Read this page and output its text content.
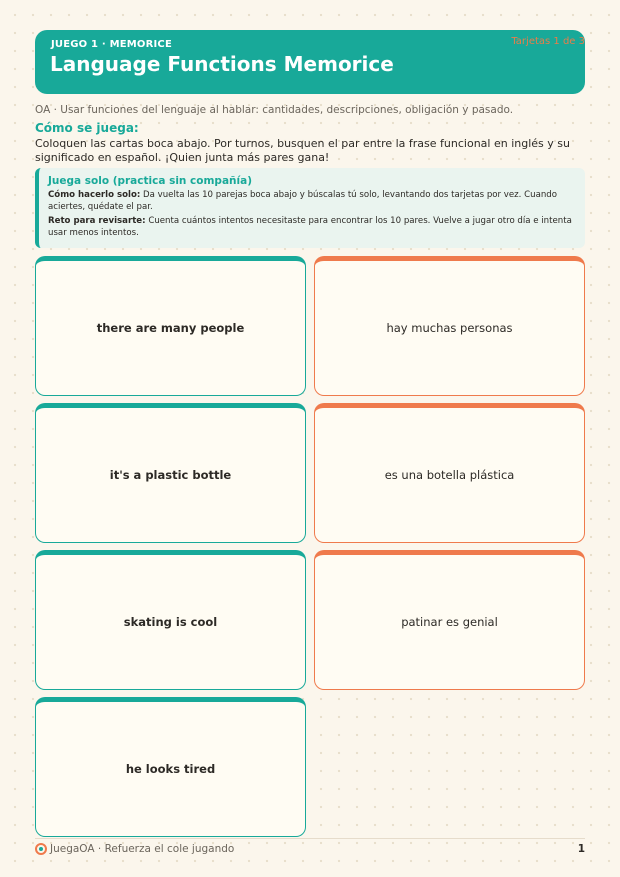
JUEGO 1 · MEMORICE
Language Functions Memorice
Tarjetas 1 de 3
OA · Usar funciones del lenguaje al hablar: cantidades, descripciones, obligación y pasado.
Cómo se juega:
Coloquen las cartas boca abajo. Por turnos, busquen el par entre la frase funcional en inglés y su significado en español. ¡Quien junta más pares gana!
Juega solo (practica sin compañía)

Cómo hacerlo solo: Da vuelta las 10 parejas boca abajo y búscalas tú solo, levantando dos tarjetas por vez. Cuando aciertes, quédate el par.

Reto para revisarte: Cuenta cuántos intentos necesitaste para encontrar los 10 pares. Vuelve a jugar otro día e intenta usar menos intentos.

there are many people	hay muchas personas
it's a plastic bottle	es una botella plástica
skating is cool	patinar es genial
he looks tired
JuegaOA · Refuerza el cole jugando	1
